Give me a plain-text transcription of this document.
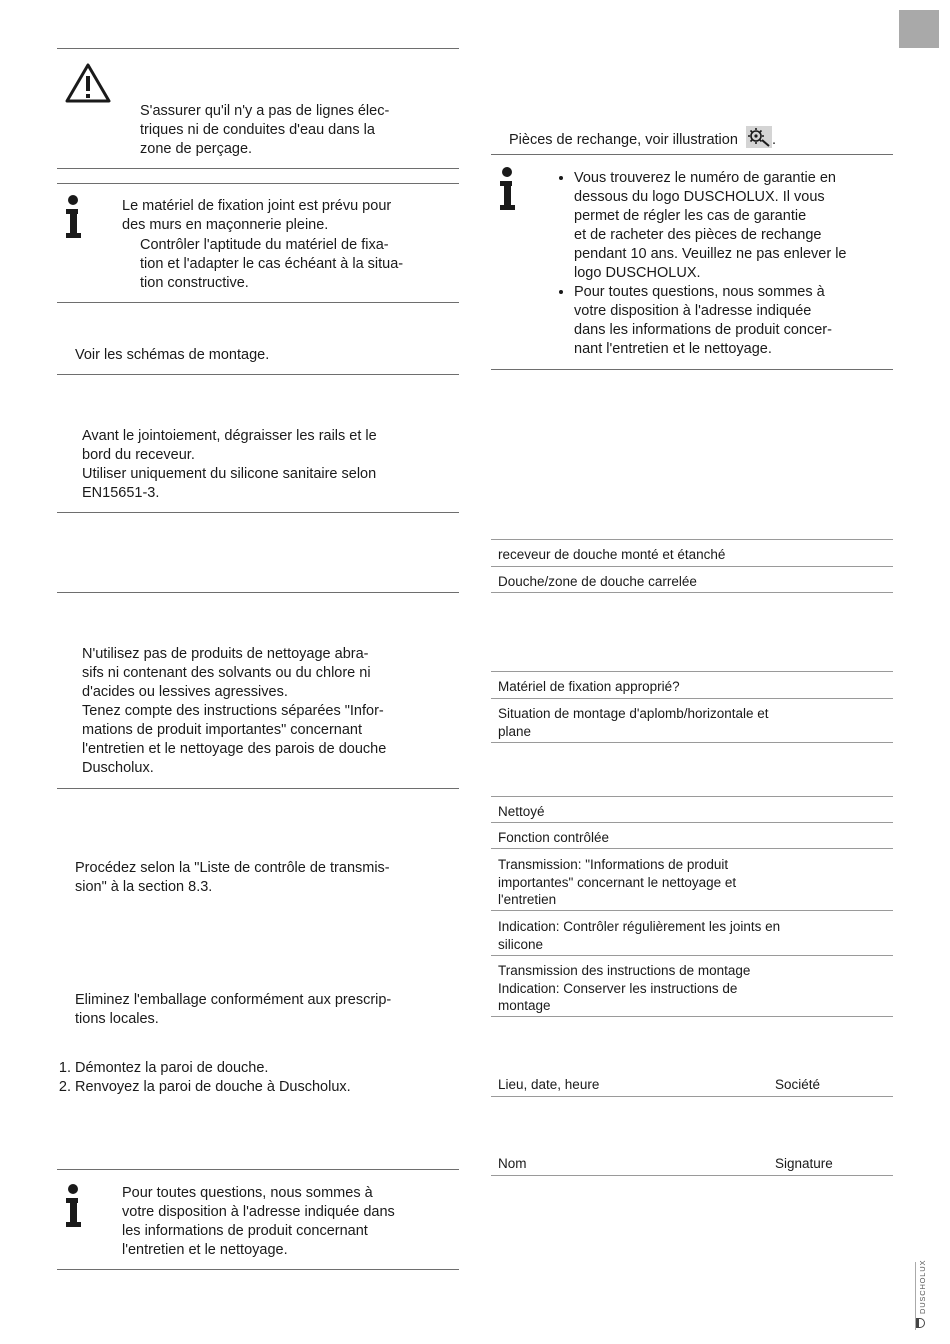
S'assurer qu'il n'y a pas de lignes élec-
triques ni de conduites d'eau dans la
zone de perçage.
Le matériel de fixation joint est prévu pour
des murs en maçonnerie pleine.
Contrôler l'aptitude du matériel de fixa-
tion et l'adapter le cas échéant à la situa-
tion constructive.
Voir les schémas de montage.
Avant le jointoiement, dégraisser les rails et le
bord du receveur.
Utiliser uniquement du silicone sanitaire selon
EN15651-3.
N'utilisez pas de produits de nettoyage abra-
sifs ni contenant des solvants ou du chlore ni
d'acides ou lessives agressives.
Tenez compte des instructions séparées "Infor-
mations de produit importantes" concernant
l'entretien et le nettoyage des parois de douche
Duscholux.
Procédez selon la "Liste de contrôle de transmis-
sion" à la section 8.3.
Eliminez l'emballage conformément aux prescrip-
tions locales.
1. Démontez la paroi de douche.
2. Renvoyez la paroi de douche à Duscholux.
Pour toutes questions, nous sommes à
votre disposition à l'adresse indiquée dans
les informations de produit concernant
l'entretien et le nettoyage.
Pièces de rechange, voir illustration .
• Vous trouverez le numéro de garantie en
dessous du logo DUSCHOLUX. Il vous
permet de régler les cas de garantie
et de racheter des pièces de rechange
pendant 10 ans. Veuillez ne pas enlever le
logo DUSCHOLUX.
• Pour toutes questions, nous sommes à
votre disposition à l'adresse indiquée
dans les informations de produit concer-
nant l'entretien et le nettoyage.
receveur de douche monté et étanché
Douche/zone de douche carrelée
Matériel de fixation approprié?
Situation de montage d'aplomb/horizontale et
plane
Nettoyé
Fonction contrôlée
Transmission: "Informations de produit
importantes" concernant le nettoyage et
l'entretien
Indication: Contrôler régulièrement les joints en
silicone
Transmission des instructions de montage
Indication: Conserver les instructions de
montage
Lieu, date, heure	Société
Nom	Signature
DUSCHOLUX
